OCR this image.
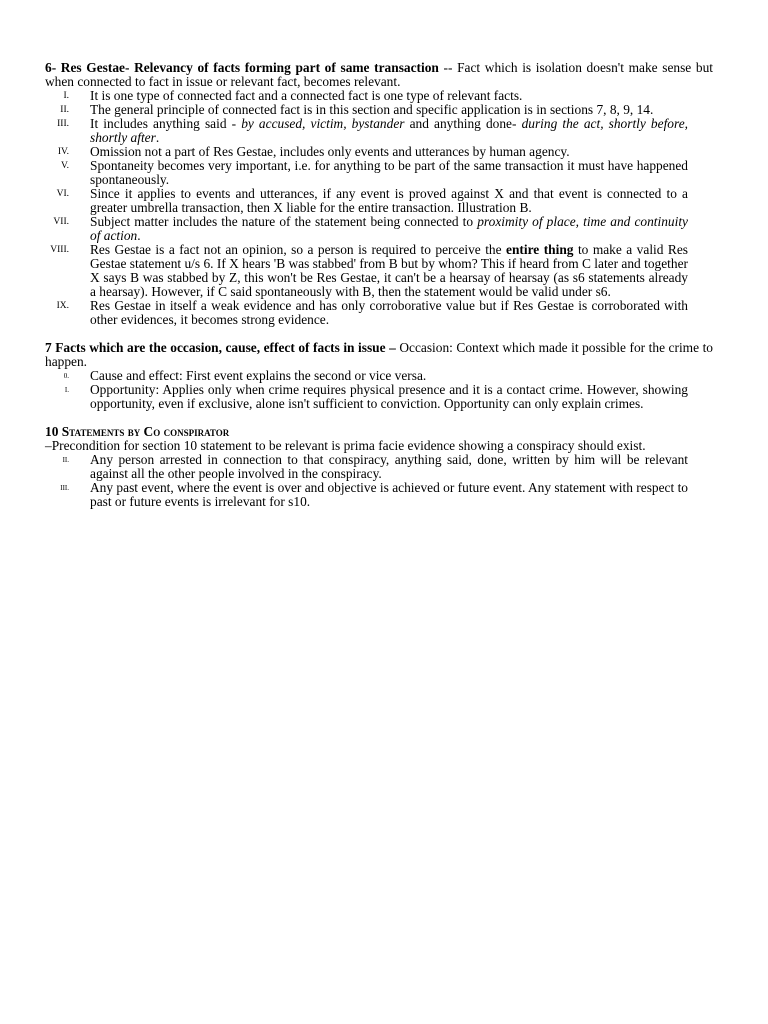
6- Res Gestae- Relevancy of facts forming part of same transaction -- Fact which is isolation doesn't make sense but when connected to fact in issue or relevant fact, becomes relevant.

I. It is one type of connected fact and a connected fact is one type of relevant facts.
II. The general principle of connected fact is in this section and specific application is in sections 7, 8, 9, 14.
III. It includes anything said - by accused, victim, bystander and anything done- during the act, shortly before, shortly after.
IV. Omission not a part of Res Gestae, includes only events and utterances by human agency.
V. Spontaneity becomes very important, i.e. for anything to be part of the same transaction it must have happened spontaneously.
VI. Since it applies to events and utterances, if any event is proved against X and that event is connected to a greater umbrella transaction, then X liable for the entire transaction. Illustration B.
VII. Subject matter includes the nature of the statement being connected to proximity of place, time and continuity of action.
VIII. Res Gestae is a fact not an opinion, so a person is required to perceive the entire thing to make a valid Res Gestae statement u/s 6. If X hears 'B was stabbed' from B but by whom? This if heard from C later and together X says B was stabbed by Z, this won't be Res Gestae, it can't be a hearsay of hearsay (as s6 statements already a hearsay). However, if C said spontaneously with B, then the statement would be valid under s6.
IX. Res Gestae in itself a weak evidence and has only corroborative value but if Res Gestae is corroborated with other evidences, it becomes strong evidence.

7 Facts which are the occasion, cause, effect of facts in issue – Occasion: Context which made it possible for the crime to happen.

0. Cause and effect: First event explains the second or vice versa.
I. Opportunity: Applies only when crime requires physical presence and it is a contact crime. However, showing opportunity, even if exclusive, alone isn't sufficient to conviction. Opportunity can only explain crimes.

10 Statements by Co conspirator

–Precondition for section 10 statement to be relevant is prima facie evidence showing a conspiracy should exist.

II. Any person arrested in connection to that conspiracy, anything said, done, written by him will be relevant against all the other people involved in the conspiracy.
III. Any past event, where the event is over and objective is achieved or future event. Any statement with respect to past or future events is irrelevant for s10.
